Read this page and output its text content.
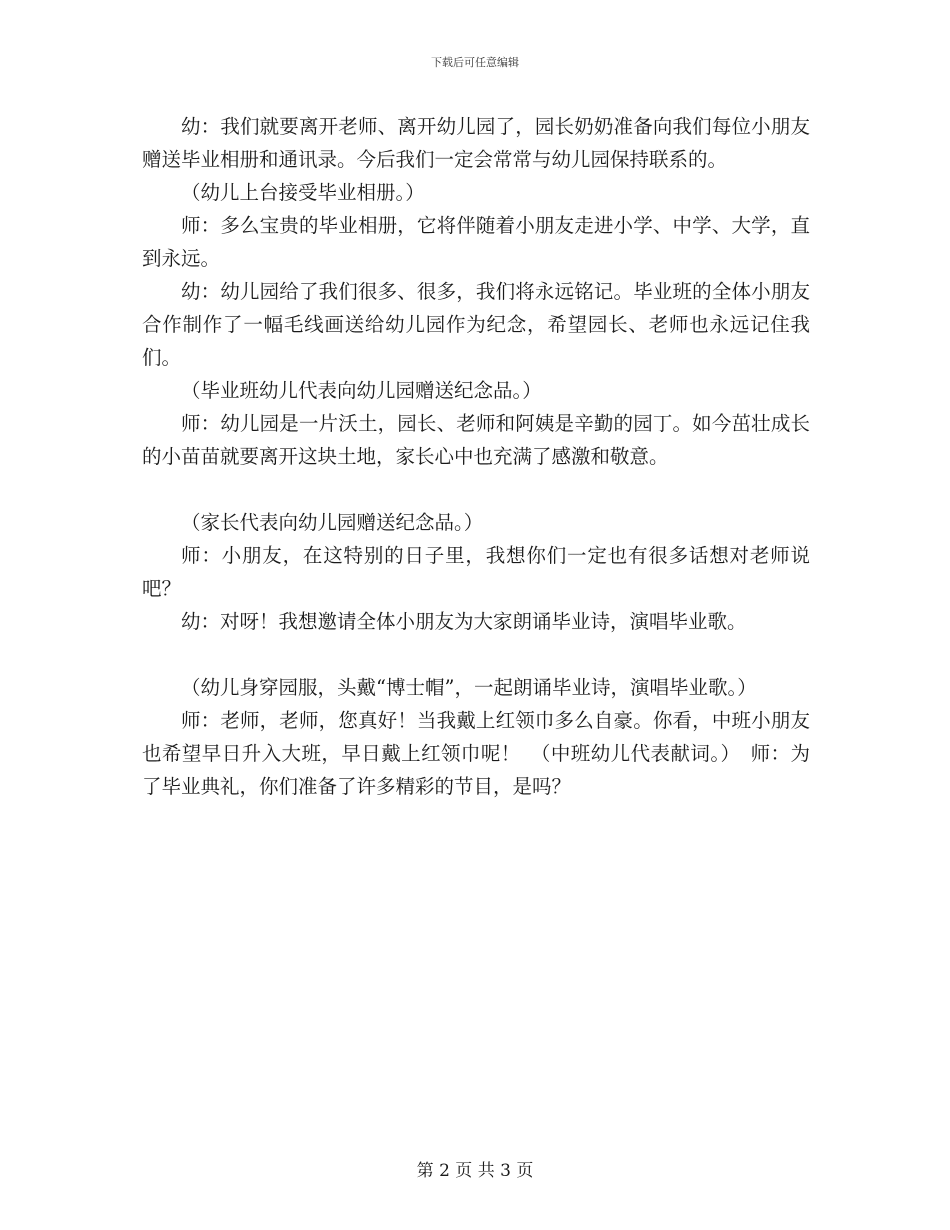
下载后可任意编辑

幼：我们就要离开老师、离开幼儿园了，园长奶奶准备向我们每位小朋友赠送毕业相册和通讯录。今后我们一定会常常与幼儿园保持联系的。

（幼儿上台接受毕业相册。）

师：多么宝贵的毕业相册，它将伴随着小朋友走进小学、中学、大学，直到永远。

幼：幼儿园给了我们很多、很多，我们将永远铭记。毕业班的全体小朋友合作制作了一幅毛线画送给幼儿园作为纪念，希望园长、老师也永远记住我们。

（毕业班幼儿代表向幼儿园赠送纪念品。）

师：幼儿园是一片沃土，园长、老师和阿姨是辛勤的园丁。如今茁壮成长的小苗苗就要离开这块土地，家长心中也充满了感激和敬意。

（家长代表向幼儿园赠送纪念品。）

师：小朋友，在这特别的日子里，我想你们一定也有很多话想对老师说吧？

幼：对呀！我想邀请全体小朋友为大家朗诵毕业诗，演唱毕业歌。

（幼儿身穿园服，头戴“博士帽”，一起朗诵毕业诗，演唱毕业歌。）

师：老师，老师，您真好！当我戴上红领巾多么自豪。你看，中班小朋友也希望早日升入大班，早日戴上红领巾呢！　（中班幼儿代表献词。）　师：为了毕业典礼，你们准备了许多精彩的节目，是吗？

第 2 页 共 3 页
